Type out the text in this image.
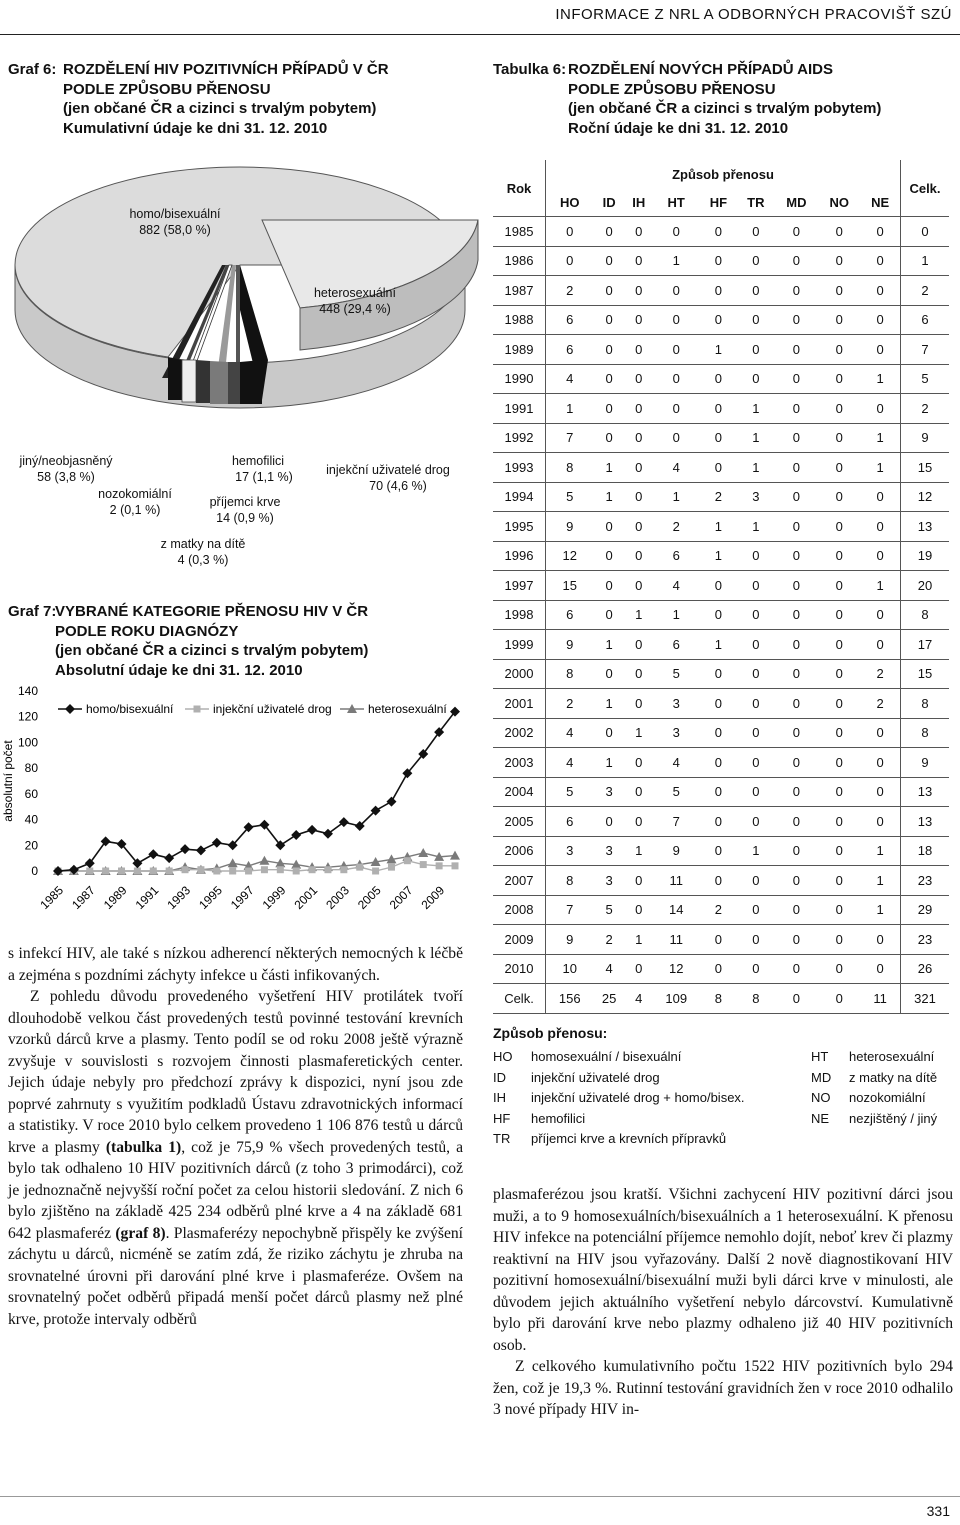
INFORMACE Z NRL A ODBORNÝCH PRACOVIŠŤ SZÚ
Graf 6: ROZDĚLENÍ HIV POZITIVNÍCH PŘÍPADŮ V ČR
PODLE ZPŮSOBU PŘENOSU
(jen občané ČR a cizinci s trvalým pobytem)
Kumulativní údaje ke dni 31. 12. 2010
homo/bisexuální
882 (58,0 %)
heterosexuální
448 (29,4 %)
injekční uživatelé drog
70 (4,6 %)
hemofilici
17 (1,1 %)
příjemci krve
14 (0,9 %)
z matky na dítě
4 (0,3 %)
nozokomiální
2 (0,1 %)
jiný/neobjasněný
58 (3,8 %)
Graf 7:
VYBRANÉ KATEGORIE PŘENOSU HIV V ČR
PODLE ROKU DIAGNÓZY
(jen občané ČR a cizinci s trvalým pobytem)
Absolutní údaje ke dni 31. 12. 2010
0
20
40
60
80
100
120
140
absolutní počet
1985 1987 1989 1991 1993 1995 1997 1999 2001 2003 2005 2007 2009
homo/bisexuální	injekční uživatelé drog	heterosexuální
Tabulka 6: ROZDĚLENÍ NOVÝCH PŘÍPADŮ AIDS
PODLE ZPŮSOBU PŘENOSU
(jen občané ČR a cizinci s trvalým pobytem)
Roční údaje ke dni 31. 12. 2010
Rok	Způsob přenosu									Celk.
	HO	ID	IH	HT	HF	TR	MD	NO	NE	
1985	0	0	0	0	0	0	0	0	0	0
1986	0	0	0	1	0	0	0	0	0	1
1987	2	0	0	0	0	0	0	0	0	2
1988	6	0	0	0	0	0	0	0	0	6
1989	6	0	0	0	1	0	0	0	0	7
1990	4	0	0	0	0	0	0	0	1	5
1991	1	0	0	0	0	1	0	0	0	2
1992	7	0	0	0	0	1	0	0	1	9
1993	8	1	0	4	0	1	0	0	1	15
1994	5	1	0	1	2	3	0	0	0	12
1995	9	0	0	2	1	1	0	0	0	13
1996	12	0	0	6	1	0	0	0	0	19
1997	15	0	0	4	0	0	0	0	1	20
1998	6	0	1	1	0	0	0	0	0	8
1999	9	1	0	6	1	0	0	0	0	17
2000	8	0	0	5	0	0	0	0	2	15
2001	2	1	0	3	0	0	0	0	2	8
2002	4	0	1	3	0	0	0	0	0	8
2003	4	1	0	4	0	0	0	0	0	9
2004	5	3	0	5	0	0	0	0	0	13
2005	6	0	0	7	0	0	0	0	0	13
2006	3	3	1	9	0	1	0	0	1	18
2007	8	3	0	11	0	0	0	0	1	23
2008	7	5	0	14	2	0	0	0	1	29
2009	9	2	1	11	0	0	0	0	0	23
2010	10	4	0	12	0	0	0	0	0	26
Celk.	156	25	4	109	8	8	0	0	11	321
Způsob přenosu:
HO	homosexuální / bisexuální
ID	injekční uživatelé drog
IH	injekční uživatelé drog + homo/bisex.
HF	hemofilici
TR	příjemci krve a krevních přípravků
HT	heterosexuální
MD	z matky na dítě
NO	nozokomiální
NE	nezjištěný / jiný

s infekcí HIV, ale také s nízkou adherencí některých nemocných k léčbě a zejména s pozdními záchyty infekce u části infikovaných.

Z pohledu důvodu provedeného vyšetření HIV protilátek tvoří dlouhodobě velkou část provedených testů povinné testování krevních vzorků dárců krve a plasmy. Tento podíl se od roku 2008 ještě výrazně zvyšuje v souvislosti s rozvojem činnosti plasmaferetických center. Jejich údaje nebyly pro předchozí zprávy k dispozici, nyní jsou zde poprvé zahrnuty s využitím podkladů Ústavu zdravotnických informací a statistiky. V roce 2010 bylo celkem provedeno 1 106 876 testů u dárců krve a plasmy (tabulka 1), což je 75,9 % všech provedených testů, a bylo tak odhaleno 10 HIV pozitivních dárců (z toho 3 primodárci), což je jednoznačně nejvyšší roční počet za celou historii sledování. Z nich 6 bylo zjištěno na základě 425 234 odběrů plné krve a 4 na základě 681 642 plasmaferéz (graf 8). Plasmaferézy nepochybně přispěly ke zvýšení záchytu u dárců, nicméně se zatím zdá, že riziko záchytu je zhruba na srovnatelné úrovni při darování plné krve i plasmaferéze. Ovšem na srovnatelný počet odběrů připadá menší počet dárců plasmy než plné krve, protože intervaly odběrů

plasmaferézou jsou kratší. Všichni zachycení HIV pozitivní dárci jsou muži, a to 9 homosexuálních/bisexuálních a 1 heterosexuální. K přenosu HIV infekce na potenciální příjemce nemohlo dojít, neboť krev či plazmy reaktivní na HIV jsou vyřazovány. Další 2 nově diagnostikovaní HIV pozitivní homosexuální/bisexuální muži byli dárci krve v minulosti, ale důvodem jejich aktuálního vyšetření nebylo dárcovství. Kumulativně bylo při darování krve nebo plazmy odhaleno již 40 HIV pozitivních osob.

Z celkového kumulativního počtu 1522 HIV pozitivních bylo 294 žen, což je 19,3 %. Rutinní testování gravidních žen v roce 2010 odhalilo 3 nové případy HIV in-

331
